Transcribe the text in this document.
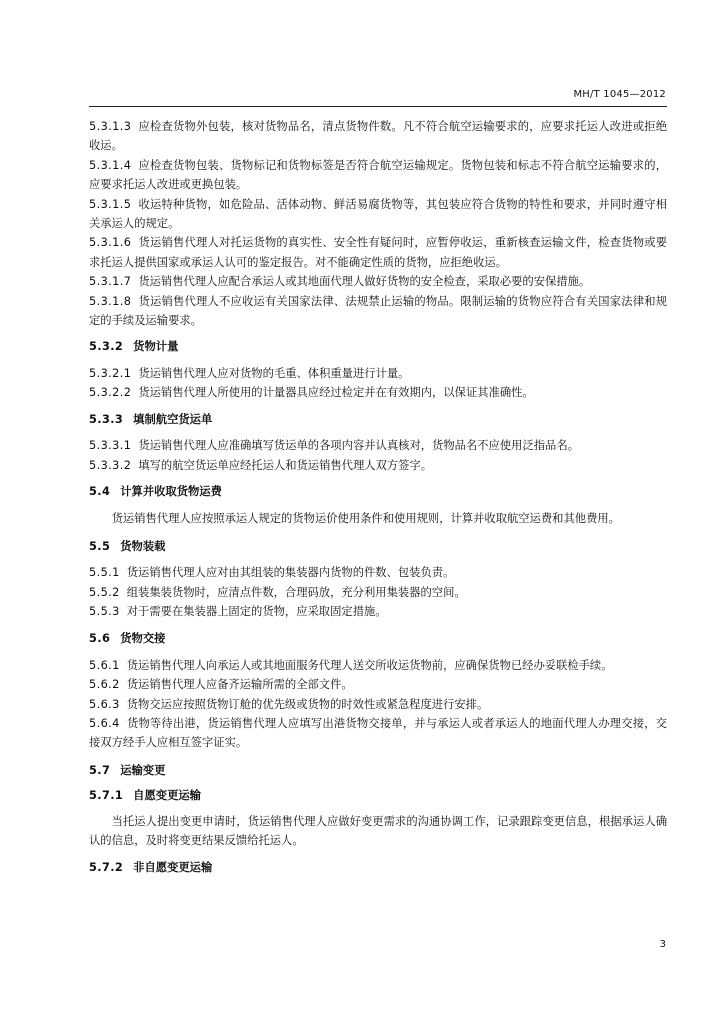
MH/T 1045—2012

5.3.1.3 应检查货物外包装，核对货物品名，清点货物件数。凡不符合航空运输要求的，应要求托运人改进或拒绝收运。

5.3.1.4 应检查货物包装、货物标记和货物标签是否符合航空运输规定。货物包装和标志不符合航空运输要求的，应要求托运人改进或更换包装。

5.3.1.5 收运特种货物，如危险品、活体动物、鲜活易腐货物等，其包装应符合货物的特性和要求，并同时遵守相关承运人的规定。

5.3.1.6 货运销售代理人对托运货物的真实性、安全性有疑问时，应暂停收运，重新核查运输文件，检查货物或要求托运人提供国家或承运人认可的鉴定报告。对不能确定性质的货物，应拒绝收运。

5.3.1.7 货运销售代理人应配合承运人或其地面代理人做好货物的安全检查，采取必要的安保措施。

5.3.1.8 货运销售代理人不应收运有关国家法律、法规禁止运输的物品。限制运输的货物应符合有关国家法律和规定的手续及运输要求。

5.3.2 货物计量

5.3.2.1 货运销售代理人应对货物的毛重、体积重量进行计量。

5.3.2.2 货运销售代理人所使用的计量器具应经过检定并在有效期内，以保证其准确性。

5.3.3 填制航空货运单

5.3.3.1 货运销售代理人应准确填写货运单的各项内容并认真核对，货物品名不应使用泛指品名。

5.3.3.2 填写的航空货运单应经托运人和货运销售代理人双方签字。

5.4 计算并收取货物运费

货运销售代理人应按照承运人规定的货物运价使用条件和使用规则，计算并收取航空运费和其他费用。

5.5 货物装载

5.5.1 货运销售代理人应对由其组装的集装器内货物的件数、包装负责。

5.5.2 组装集装货物时，应清点件数，合理码放，充分利用集装器的空间。

5.5.3 对于需要在集装器上固定的货物，应采取固定措施。

5.6 货物交接

5.6.1 货运销售代理人向承运人或其地面服务代理人送交所收运货物前，应确保货物已经办妥联检手续。

5.6.2 货运销售代理人应备齐运输所需的全部文件。

5.6.3 货物交运应按照货物订舱的优先级或货物的时效性或紧急程度进行安排。

5.6.4 货物等待出港，货运销售代理人应填写出港货物交接单，并与承运人或者承运人的地面代理人办理交接，交接双方经手人应相互签字证实。

5.7 运输变更

5.7.1 自愿变更运输

当托运人提出变更申请时，货运销售代理人应做好变更需求的沟通协调工作，记录跟踪变更信息，根据承运人确认的信息，及时将变更结果反馈给托运人。

5.7.2 非自愿变更运输

3
